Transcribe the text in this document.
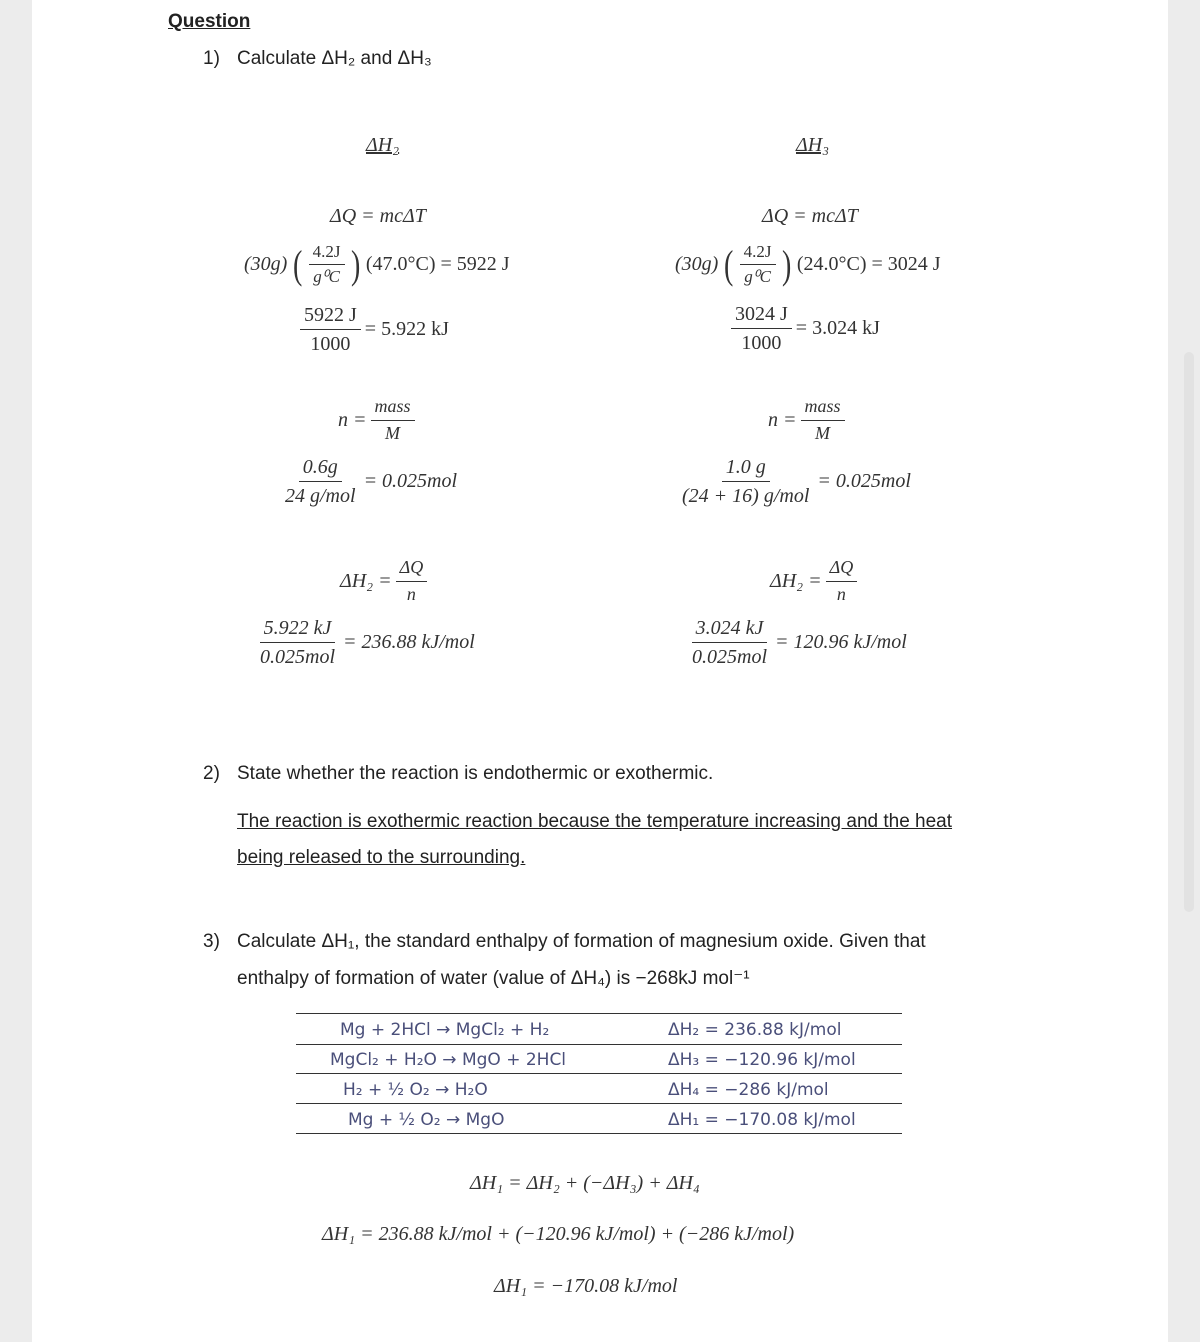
Question
1) Calculate ΔH₂ and ΔH₃
ΔH₂
ΔQ = mcΔT
(30g) ( $\frac{4.2J}{\text{g⁰C}}$ ) (47.0°C) = 5922 J
$\frac{5922 J}{1000} = 5.922$ kJ
$n = \frac{\text{mass}}{M}$
$\frac{0.6g}{\text{24 g/mol}} = 0.025mol$
$\Delta H_2 = \frac{\Delta Q}{n}$
$\frac{5.922 kJ}{\text{0.025mol}} = 236.88$ kJ/mol
ΔH₃
ΔQ = mcΔT
(30g) ( $\frac{4.2J}{\text{g⁰C}}$ ) (24.0°C) = 3024 J
$\frac{3024 J}{1000} = 3.024$ kJ
$n = \frac{\text{mass}}{M}$
$\frac{1.0 g}{\text{(24 + 16) g/mol}} = 0.025mol$
$\Delta H_2 = \frac{\Delta Q}{n}$
$\frac{3.024 kJ}{\text{0.025mol}} = 120.96$ kJ/mol
2) State whether the reaction is endothermic or exothermic.
The reaction is exothermic reaction because the temperature increasing and the heat
being released to the surrounding.
3) Calculate ΔH₁, the standard enthalpy of formation of magnesium oxide. Given that
enthalpy of formation of water (value of ΔH₄) is −268kJ mol⁻¹
Mg + 2HCl → MgCl₂ + H₂	ΔH₂ = 236.88 kJ/mol
MgCl₂ + H₂O → MgO + 2HCl	ΔH₃ = −120.96 kJ/mol
H₂ + ½ O₂ → H₂O	ΔH₄ = −286 kJ/mol
Mg + ½ O₂ → MgO	ΔH₁ = −170.08 kJ/mol
ΔH₁ = ΔH₂ + (−ΔH₃) + ΔH₄
ΔH₁ = 236.88 kJ/mol + (−120.96 kJ/mol) + (−286 kJ/mol)
ΔH₁ = −170.08 kJ/mol
